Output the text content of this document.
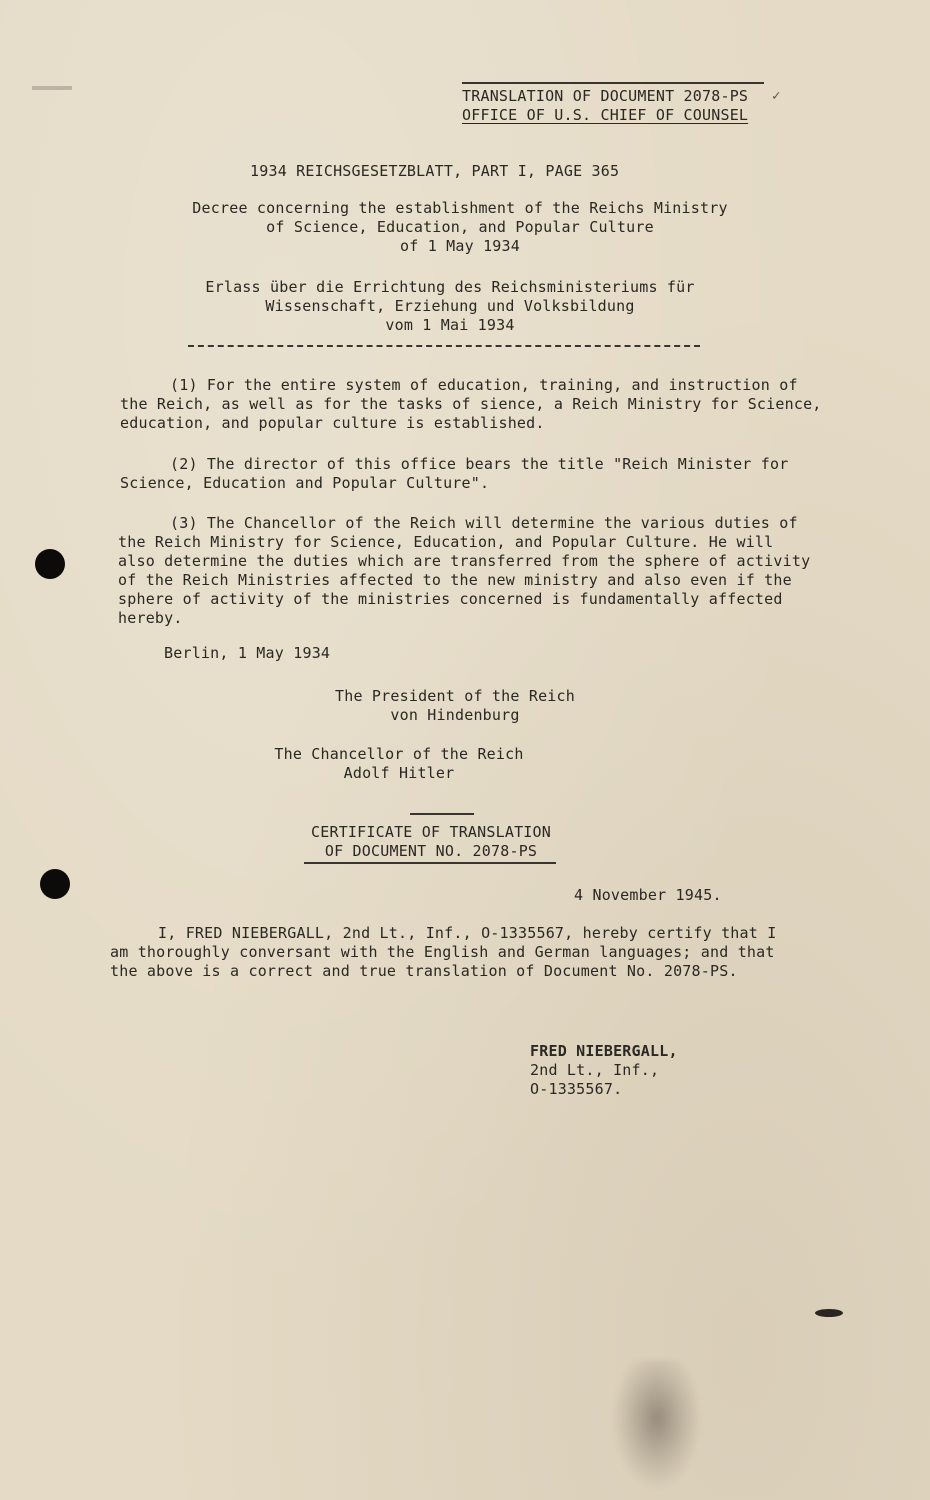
TRANSLATION OF DOCUMENT 2078-PS
OFFICE OF U.S. CHIEF OF COUNSEL
✓
1934 REICHSGESETZBLATT, PART I, PAGE 365
Decree concerning the establishment of the Reichs Ministry
of Science, Education, and Popular Culture
of 1 May 1934
Erlass über die Errichtung des Reichsministeriums für
Wissenschaft, Erziehung und Volksbildung
vom 1 Mai 1934
(1) For the entire system of education, training, and instruction of
the Reich, as well as for the tasks of sience, a Reich Ministry for Science,
education, and popular culture is established.
(2) The director of this office bears the title "Reich Minister for
Science, Education and Popular Culture".
(3) The Chancellor of the Reich will determine the various duties of
the Reich Ministry for Science, Education, and Popular Culture. He will
also determine the duties which are transferred from the sphere of activity
of the Reich Ministries affected to the new ministry and also even if the
sphere of activity of the ministries concerned is fundamentally affected
hereby.
Berlin, 1 May 1934
The President of the Reich
von Hindenburg
The Chancellor of the Reich
Adolf Hitler
CERTIFICATE OF TRANSLATION
OF DOCUMENT NO. 2078-PS
4 November 1945.
I, FRED NIEBERGALL, 2nd Lt., Inf., O-1335567, hereby certify that I
am thoroughly conversant with the English and German languages; and that
the above is a correct and true translation of Document No. 2078-PS.
FRED NIEBERGALL,
2nd Lt., Inf.,
O-1335567.
